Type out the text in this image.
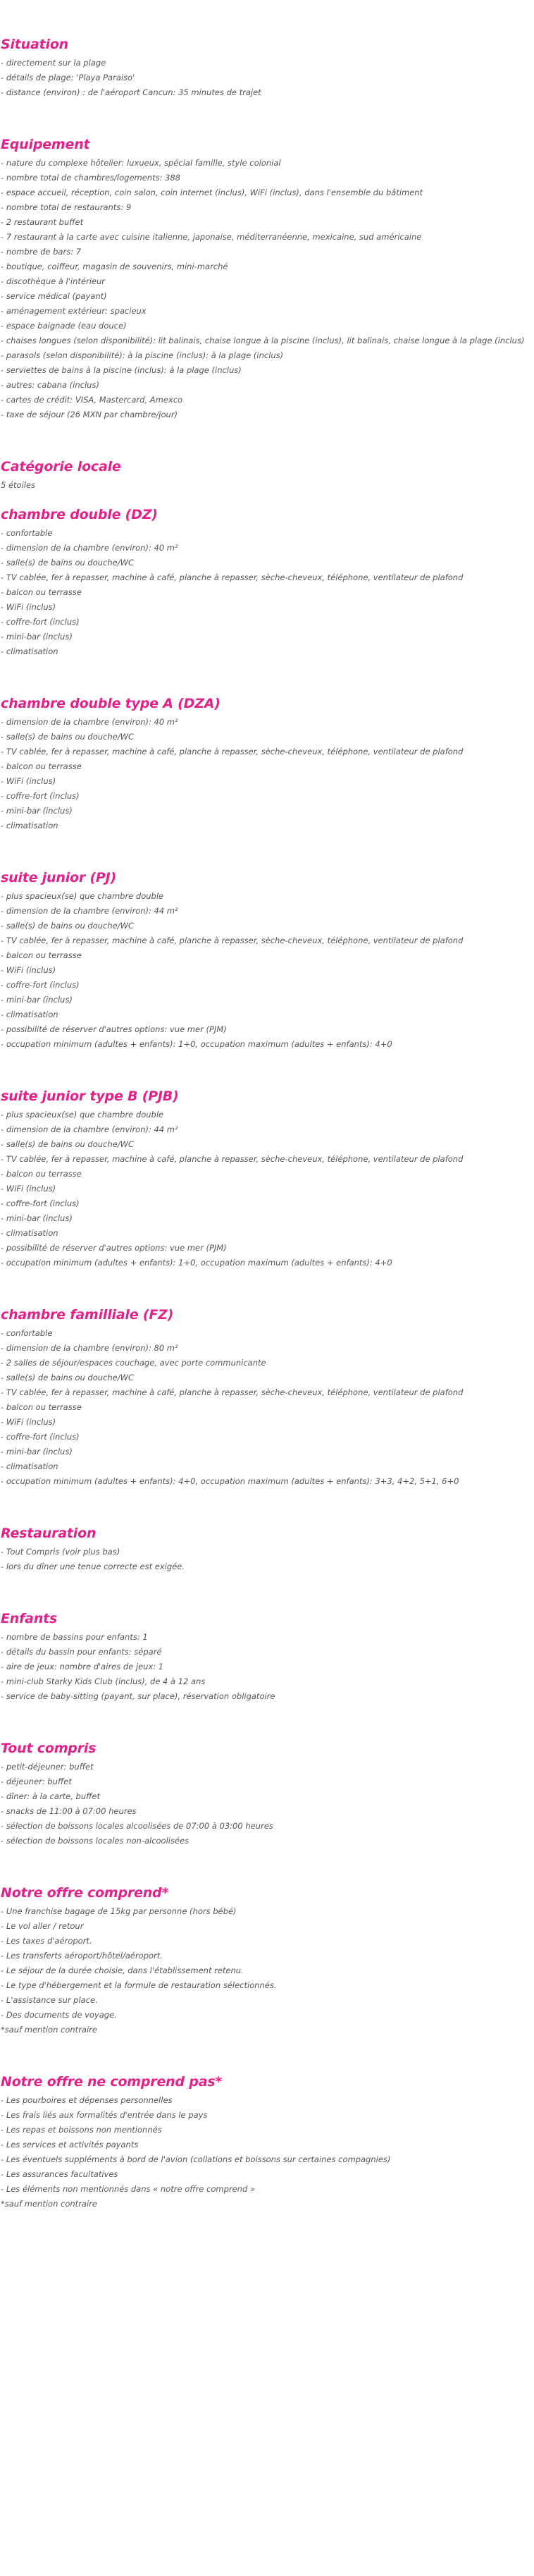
Situation
- directement sur la plage
- détails de plage: 'Playa Paraiso'
- distance (environ) : de l'aéroport Cancun: 35 minutes de trajet
Equipement
- nature du complexe hôtelier: luxueux, spécial famille, style colonial
- nombre total de chambres/logements: 388
- espace accueil, réception, coin salon, coin internet (inclus), WiFi (inclus), dans l'ensemble du bâtiment
- nombre total de restaurants: 9
- 2 restaurant buffet
- 7 restaurant à la carte avec cuisine italienne, japonaise, méditerranéenne, mexicaine, sud américaine
- nombre de bars: 7
- boutique, coiffeur, magasin de souvenirs, mini-marché
- discothèque à l'intérieur
- service médical (payant)
- aménagement extérieur: spacieux
- espace baignade (eau douce)
- chaises longues (selon disponibilité): lit balinais, chaise longue à la piscine (inclus), lit balinais, chaise longue à la plage (inclus)
- parasols (selon disponibilité): à la piscine (inclus): à la plage (inclus)
- serviettes de bains à la piscine (inclus): à la plage (inclus)
- autres: cabana (inclus)
- cartes de crédit: VISA, Mastercard, Amexco
- taxe de séjour (26 MXN par chambre/jour)
Catégorie locale

5 étoiles

chambre double (DZ)
- confortable
- dimension de la chambre (environ): 40 m²
- salle(s) de bains ou douche/WC
- TV cablée, fer à repasser, machine à café, planche à repasser, sèche-cheveux, téléphone, ventilateur de plafond
- balcon ou terrasse
- WiFi (inclus)
- coffre-fort (inclus)
- mini-bar (inclus)
- climatisation
chambre double type A (DZA)
- dimension de la chambre (environ): 40 m²
- salle(s) de bains ou douche/WC
- TV cablée, fer à repasser, machine à café, planche à repasser, sèche-cheveux, téléphone, ventilateur de plafond
- balcon ou terrasse
- WiFi (inclus)
- coffre-fort (inclus)
- mini-bar (inclus)
- climatisation
suite junior (PJ)
- plus spacieux(se) que chambre double
- dimension de la chambre (environ): 44 m²
- salle(s) de bains ou douche/WC
- TV cablée, fer à repasser, machine à café, planche à repasser, sèche-cheveux, téléphone, ventilateur de plafond
- balcon ou terrasse
- WiFi (inclus)
- coffre-fort (inclus)
- mini-bar (inclus)
- climatisation
- possibilité de réserver d'autres options: vue mer (PJM)
- occupation minimum (adultes + enfants): 1+0, occupation maximum (adultes + enfants): 4+0
suite junior type B (PJB)
- plus spacieux(se) que chambre double
- dimension de la chambre (environ): 44 m²
- salle(s) de bains ou douche/WC
- TV cablée, fer à repasser, machine à café, planche à repasser, sèche-cheveux, téléphone, ventilateur de plafond
- balcon ou terrasse
- WiFi (inclus)
- coffre-fort (inclus)
- mini-bar (inclus)
- climatisation
- possibilité de réserver d'autres options: vue mer (PJM)
- occupation minimum (adultes + enfants): 1+0, occupation maximum (adultes + enfants): 4+0
chambre familliale (FZ)
- confortable
- dimension de la chambre (environ): 80 m²
- 2 salles de séjour/espaces couchage, avec porte communicante
- salle(s) de bains ou douche/WC
- TV cablée, fer à repasser, machine à café, planche à repasser, sèche-cheveux, téléphone, ventilateur de plafond
- balcon ou terrasse
- WiFi (inclus)
- coffre-fort (inclus)
- mini-bar (inclus)
- climatisation
- occupation minimum (adultes + enfants): 4+0, occupation maximum (adultes + enfants): 3+3, 4+2, 5+1, 6+0
Restauration
- Tout Compris (voir plus bas)
- lors du dîner une tenue correcte est exigée.
Enfants
- nombre de bassins pour enfants: 1
- détails du bassin pour enfants: séparé
- aire de jeux: nombre d'aires de jeux: 1
- mini-club Starky Kids Club (inclus), de 4 à 12 ans
- service de baby-sitting (payant, sur place), réservation obligatoire
Tout compris
- petit-déjeuner: buffet
- déjeuner: buffet
- dîner: à la carte, buffet
- snacks de 11:00 à 07:00 heures
- sélection de boissons locales alcoolisées de 07:00 à 03:00 heures
- sélection de boissons locales non-alcoolisées
Notre offre comprend*
- Une franchise bagage de 15kg par personne (hors bébé)
- Le vol aller / retour
- Les taxes d'aéroport.
- Les transferts aéroport/hôtel/aéroport.
- Le séjour de la durée choisie, dans l'établissement retenu.
- Le type d'hébergement et la formule de restauration sélectionnés.
- L'assistance sur place.
- Des documents de voyage.

*sauf mention contraire

Notre offre ne comprend pas*
- Les pourboires et dépenses personnelles
- Les frais liés aux formalités d'entrée dans le pays
- Les repas et boissons non mentionnés
- Les services et activités payants
- Les éventuels suppléments à bord de l'avion (collations et boissons sur certaines compagnies)
- Les assurances facultatives
- Les éléments non mentionnés dans « notre offre comprend »

*sauf mention contraire
